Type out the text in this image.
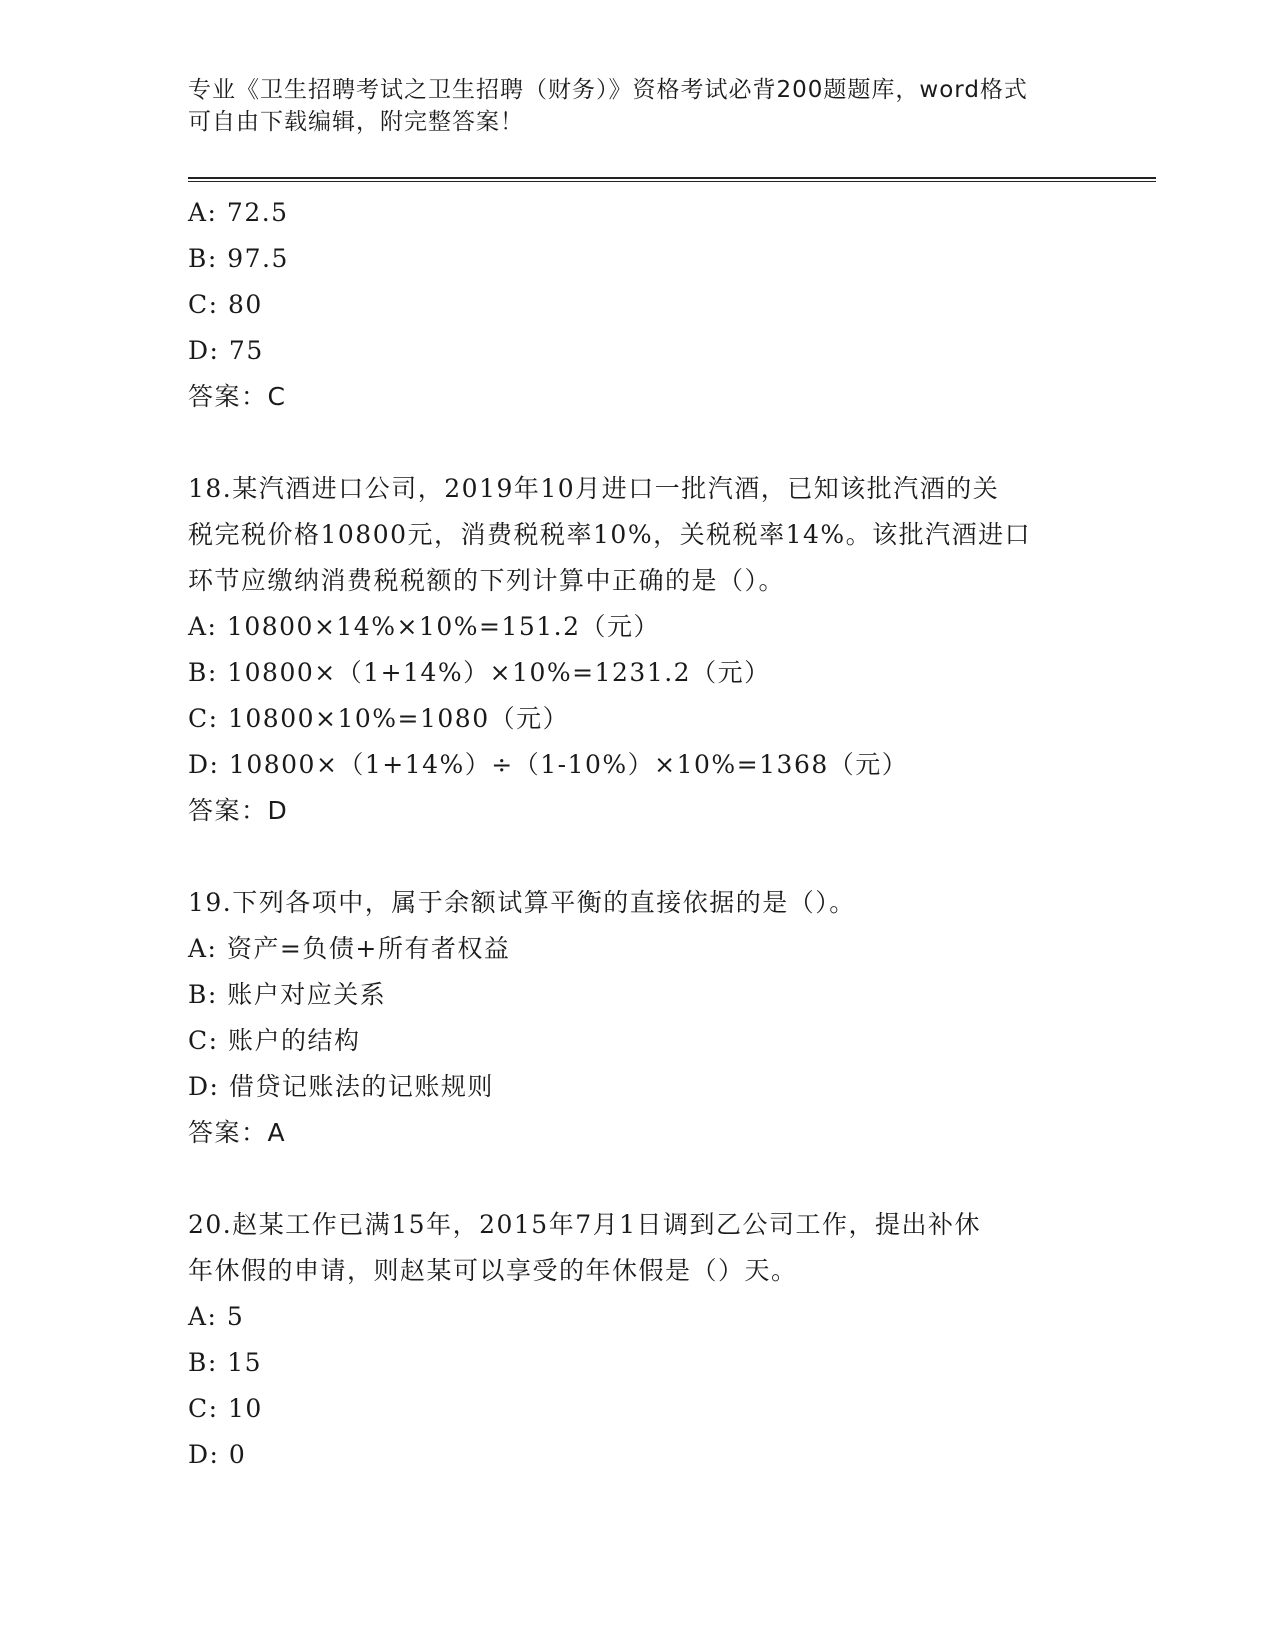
专业《卫生招聘考试之卫生招聘（财务）》资格考试必背200题题库，word格式
可自由下载编辑，附完整答案！
A: 72.5
B: 97.5
C: 80
D: 75
答案：C
18.某汽酒进口公司，2019年10月进口一批汽酒，已知该批汽酒的关
税完税价格10800元，消费税税率10%，关税税率14%。该批汽酒进口
环节应缴纳消费税税额的下列计算中正确的是（）。
A: 10800×14%×10%=151.2（元）
B: 10800×（1+14%）×10%=1231.2（元）
C: 10800×10%=1080（元）
D: 10800×（1+14%）÷（1-10%）×10%=1368（元）
答案：D
19.下列各项中，属于余额试算平衡的直接依据的是（）。
A: 资产=负债+所有者权益
B: 账户对应关系
C: 账户的结构
D: 借贷记账法的记账规则
答案：A
20.赵某工作已满15年，2015年7月1日调到乙公司工作，提出补休
年休假的申请，则赵某可以享受的年休假是（）天。
A: 5
B: 15
C: 10
D: 0
